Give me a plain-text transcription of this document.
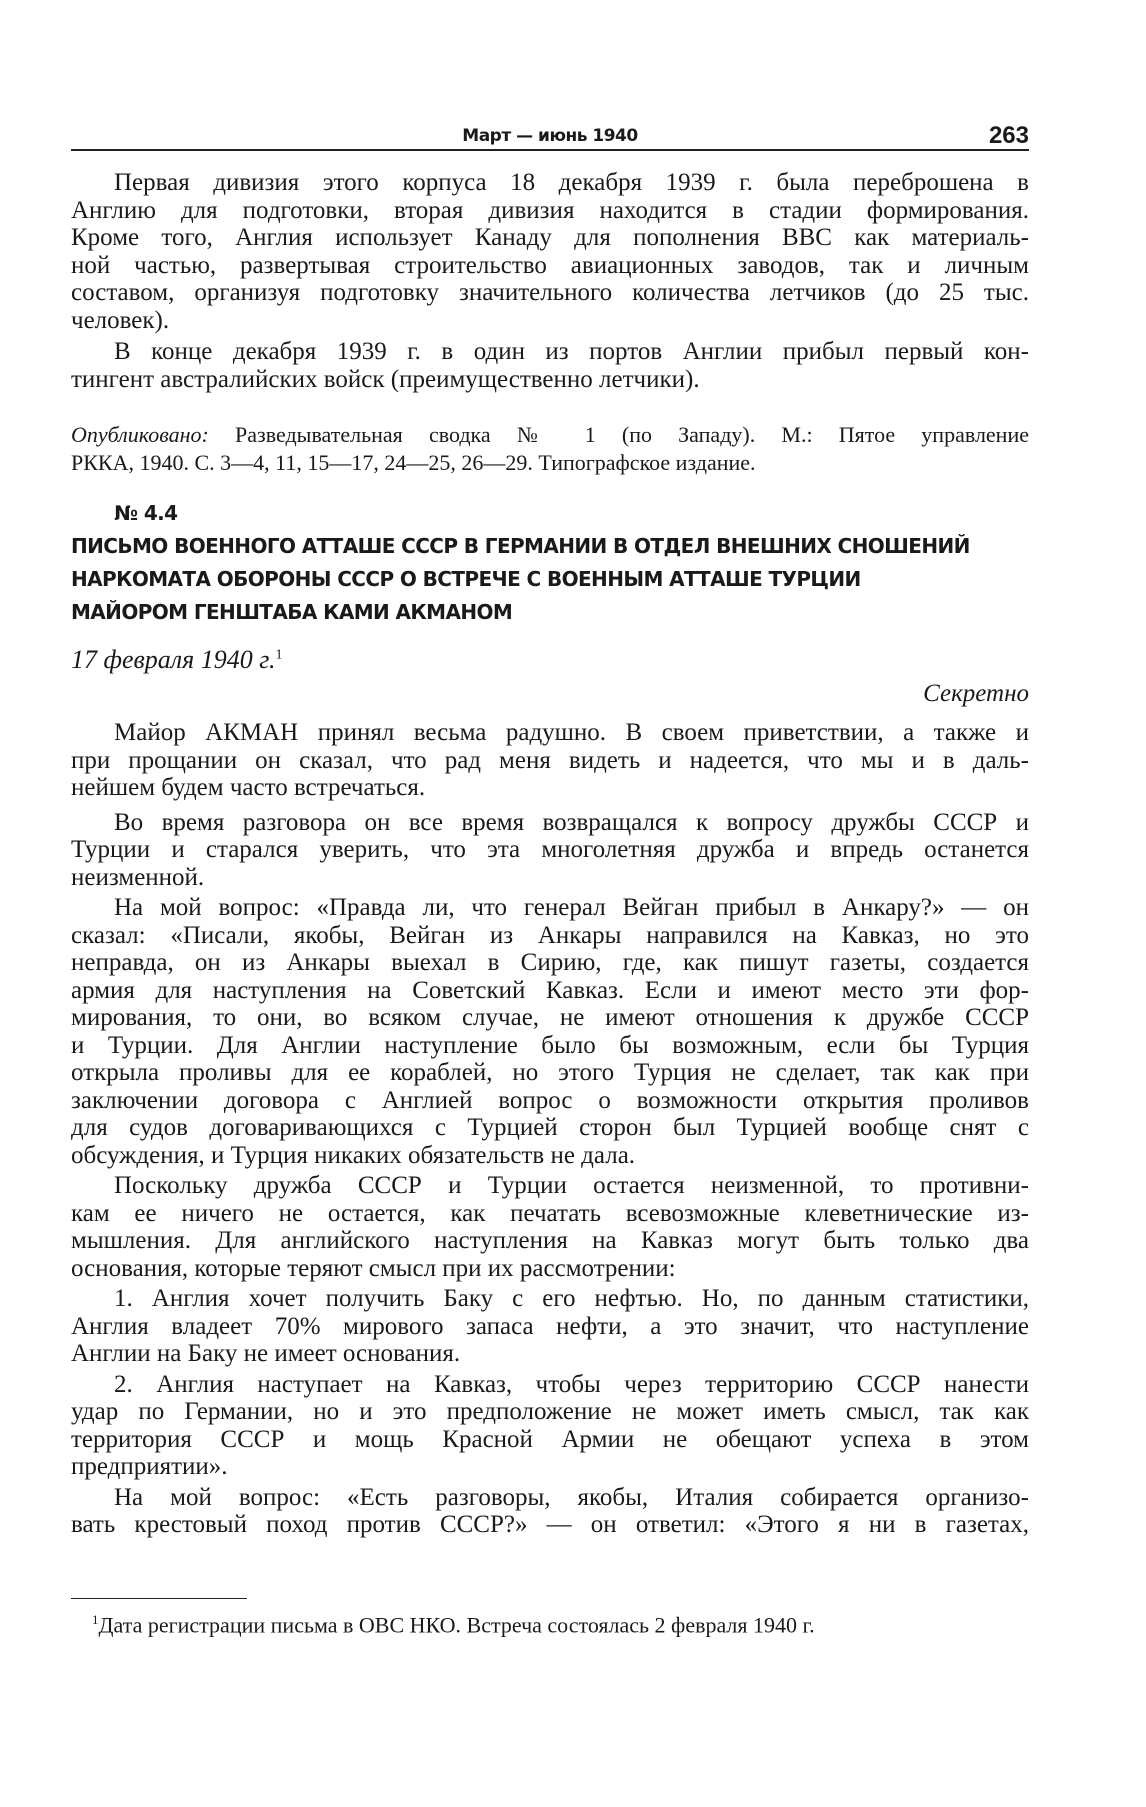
Март — июнь 1940	263
Первая дивизия этого корпуса 18 декабря 1939 г. была переброшена в
Англию для подготовки, вторая дивизия находится в стадии формирования.
Кроме того, Англия использует Канаду для пополнения ВВС как материаль-
ной частью, развертывая строительство авиационных заводов, так и личным
составом, организуя подготовку значительного количества летчиков (до 25 тыс.
человек).
В конце декабря 1939 г. в один из портов Англии прибыл первый кон-
тингент австралийских войск (преимущественно летчики).
Опубликовано: Разведывательная сводка № 1 (по Западу). М.: Пятое управление
РККА, 1940. С. 3—4, 11, 15—17, 24—25, 26—29. Типографское издание.
№ 4.4
ПИСЬМО ВОЕННОГО АТТАШЕ СССР В ГЕРМАНИИ В ОТДЕЛ ВНЕШНИХ СНОШЕНИЙ
НАРКОМАТА ОБОРОНЫ СССР О ВСТРЕЧЕ С ВОЕННЫМ АТТАШЕ ТУРЦИИ
МАЙОРОМ ГЕНШТАБА КАМИ АКМАНОМ
17 февраля 1940 г.$^1$
Секретно
Майор АКМАН принял весьма радушно. В своем приветствии, а также и
при прощании он сказал, что рад меня видеть и надеется, что мы и в даль-
нейшем будем часто встречаться.
Во время разговора он все время возвращался к вопросу дружбы СССР и
Турции и старался уверить, что эта многолетняя дружба и впредь останется
неизменной.
На мой вопрос: «Правда ли, что генерал Вейган прибыл в Анкару?» — он
сказал: «Писали, якобы, Вейган из Анкары направился на Кавказ, но это
неправда, он из Анкары выехал в Сирию, где, как пишут газеты, создается
армия для наступления на Советский Кавказ. Если и имеют место эти фор-
мирования, то они, во всяком случае, не имеют отношения к дружбе СССР
и Турции. Для Англии наступление было бы возможным, если бы Турция
открыла проливы для ее кораблей, но этого Турция не сделает, так как при
заключении договора с Англией вопрос о возможности открытия проливов
для судов договаривающихся с Турцией сторон был Турцией вообще снят с
обсуждения, и Турция никаких обязательств не дала.
Поскольку дружба СССР и Турции остается неизменной, то противни-
кам ее ничего не остается, как печатать всевозможные клеветнические из-
мышления. Для английского наступления на Кавказ могут быть только два
основания, которые теряют смысл при их рассмотрении:
1. Англия хочет получить Баку с его нефтью. Но, по данным статистики,
Англия владеет 70% мирового запаса нефти, а это значит, что наступление
Англии на Баку не имеет основания.
2. Англия наступает на Кавказ, чтобы через территорию СССР нанести
удар по Германии, но и это предположение не может иметь смысл, так как
территория СССР и мощь Красной Армии не обещают успеха в этом
предприятии».
На мой вопрос: «Есть разговоры, якобы, Италия собирается организо-
вать крестовый поход против СССР?» — он ответил: «Этого я ни в газетах,
$^1$Дата регистрации письма в ОВС НКО. Встреча состоялась 2 февраля 1940 г.
